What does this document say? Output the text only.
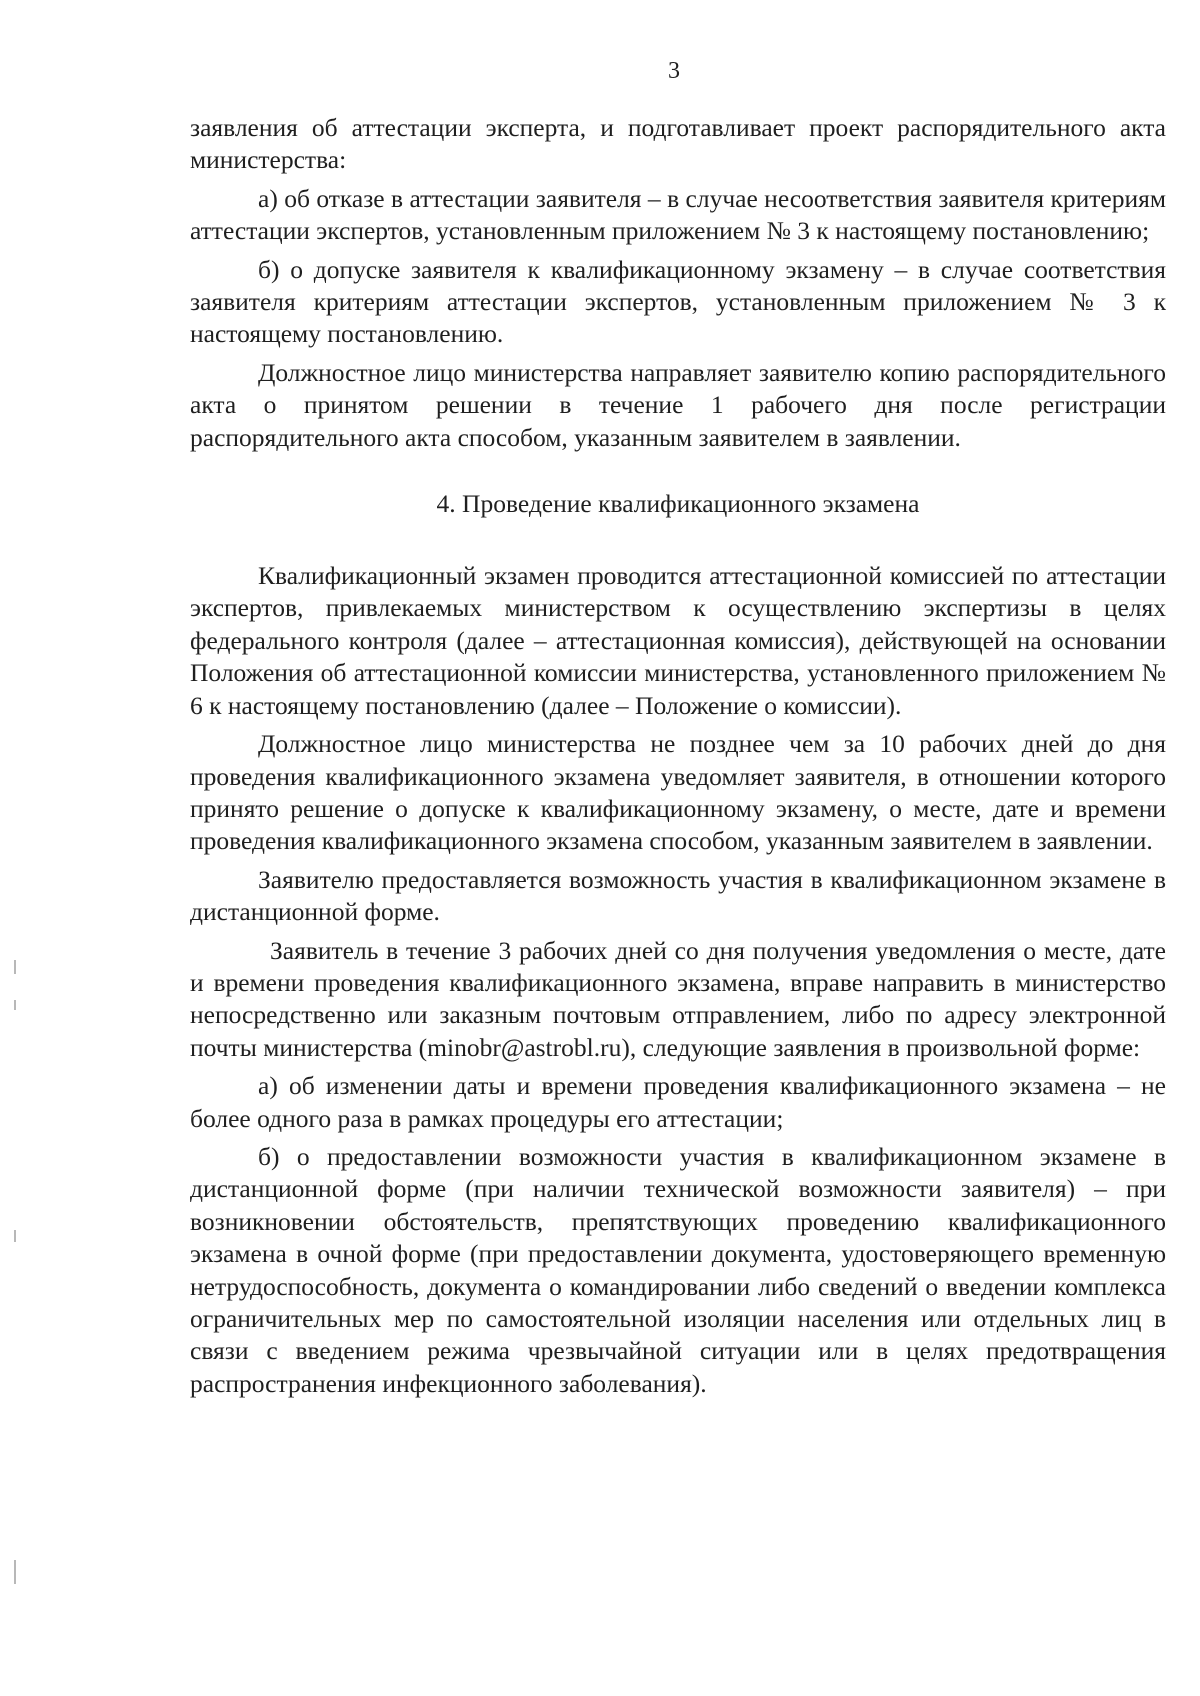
3

заявления об аттестации эксперта, и подготавливает проект распорядительного акта министерства:

а) об отказе в аттестации заявителя – в случае несоответствия заявителя критериям аттестации экспертов, установленным приложением № 3 к настоящему постановлению;

б) о допуске заявителя к квалификационному экзамену – в случае соответствия заявителя критериям аттестации экспертов, установленным приложением № 3 к настоящему постановлению.

Должностное лицо министерства направляет заявителю копию распорядительного акта о принятом решении в течение 1 рабочего дня после регистрации распорядительного акта способом, указанным заявителем в заявлении.

4. Проведение квалификационного экзамена

Квалификационный экзамен проводится аттестационной комиссией по аттестации экспертов, привлекаемых министерством к осуществлению экспертизы в целях федерального контроля (далее – аттестационная комиссия), действующей на основании Положения об аттестационной комиссии министерства, установленного приложением № 6 к настоящему постановлению (далее – Положение о комиссии).

Должностное лицо министерства не позднее чем за 10 рабочих дней до дня проведения квалификационного экзамена уведомляет заявителя, в отношении которого принято решение о допуске к квалификационному экзамену, о месте, дате и времени проведения квалификационного экзамена способом, указанным заявителем в заявлении.

Заявителю предоставляется возможность участия в квалификационном экзамене в дистанционной форме.

Заявитель в течение 3 рабочих дней со дня получения уведомления о месте, дате и времени проведения квалификационного экзамена, вправе направить в министерство непосредственно или заказным почтовым отправлением, либо по адресу электронной почты министерства (minobr@astrobl.ru), следующие заявления в произвольной форме:

а) об изменении даты и времени проведения квалификационного экзамена – не более одного раза в рамках процедуры его аттестации;

б) о предоставлении возможности участия в квалификационном экзамене в дистанционной форме (при наличии технической возможности заявителя) – при возникновении обстоятельств, препятствующих проведению квалификационного экзамена в очной форме (при предоставлении документа, удостоверяющего временную нетрудоспособность, документа о командировании либо сведений о введении комплекса ограничительных мер по самостоятельной изоляции населения или отдельных лиц в связи с введением режима чрезвычайной ситуации или в целях предотвращения распространения инфекционного заболевания).
